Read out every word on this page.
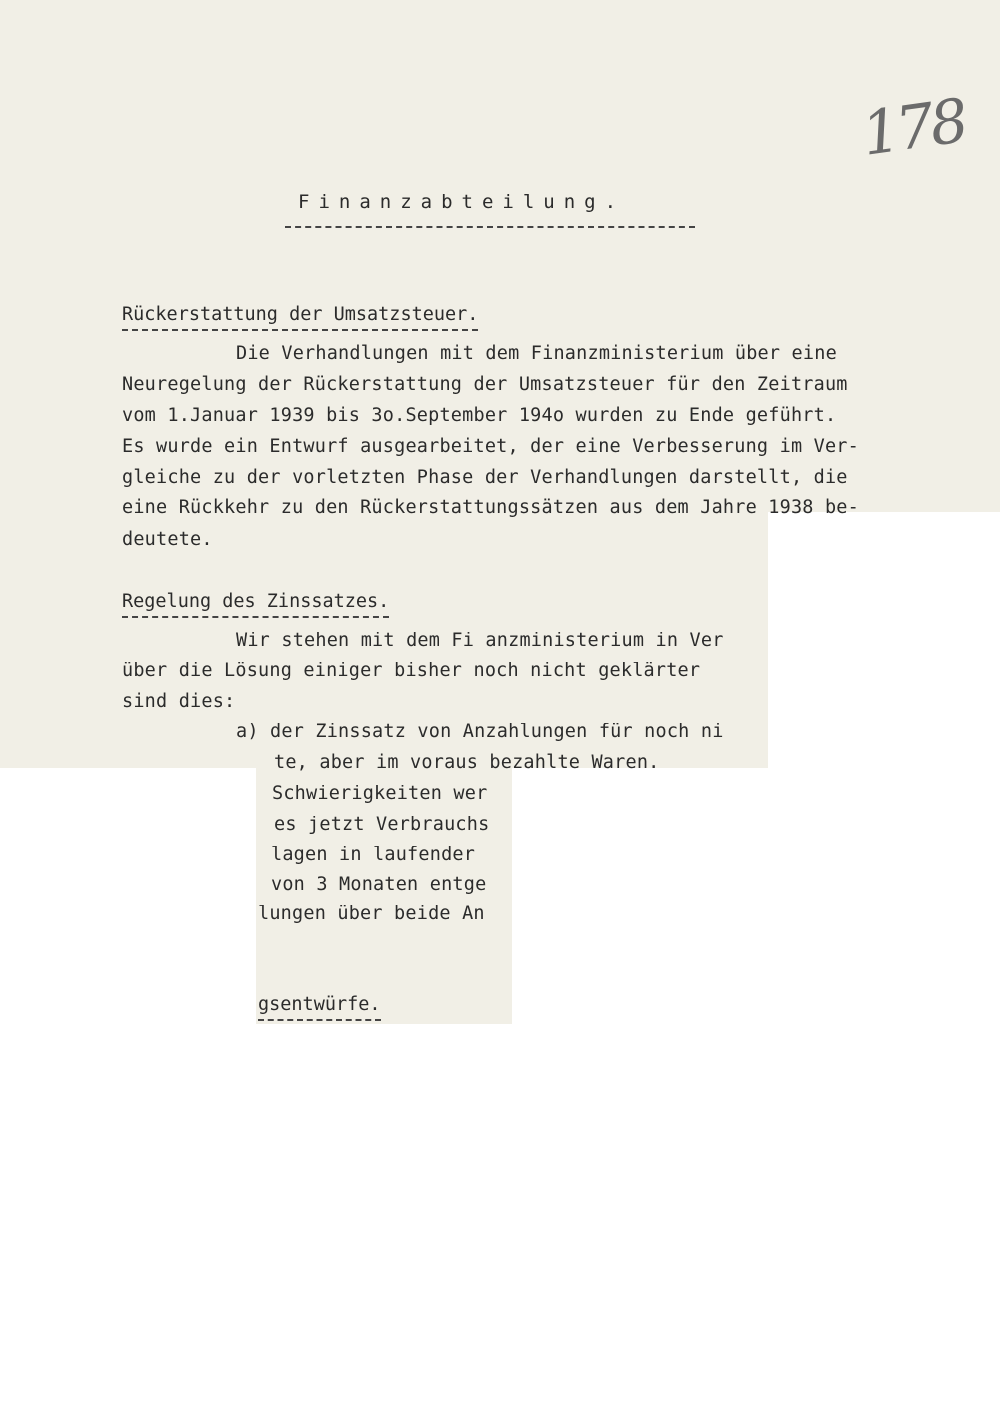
178
Finanzabteilung.
Rückerstattung der Umsatzsteuer.
Die Verhandlungen mit dem Finanzministerium über eine
Neuregelung der Rückerstattung der Umsatzsteuer für den Zeitraum
vom 1.Januar 1939 bis 3o.September 194o wurden zu Ende geführt.
Es wurde ein Entwurf ausgearbeitet, der eine Verbesserung im Ver-
gleiche zu der vorletzten Phase der Verhandlungen darstellt, die
eine Rückkehr zu den Rückerstattungssätzen aus dem Jahre 1938 be-
deutete.
Regelung des Zinssatzes.
Wir stehen mit dem Fi anzministerium in Ver
über die Lösung einiger bisher noch nicht geklärter
sind dies:
a) der Zinssatz von Anzahlungen für noch ni
te, aber im voraus bezahlte Waren.
Schwierigkeiten wer
es jetzt Verbrauchs
lagen in laufender
von 3 Monaten entge
lungen über beide An
gsentwürfe.
